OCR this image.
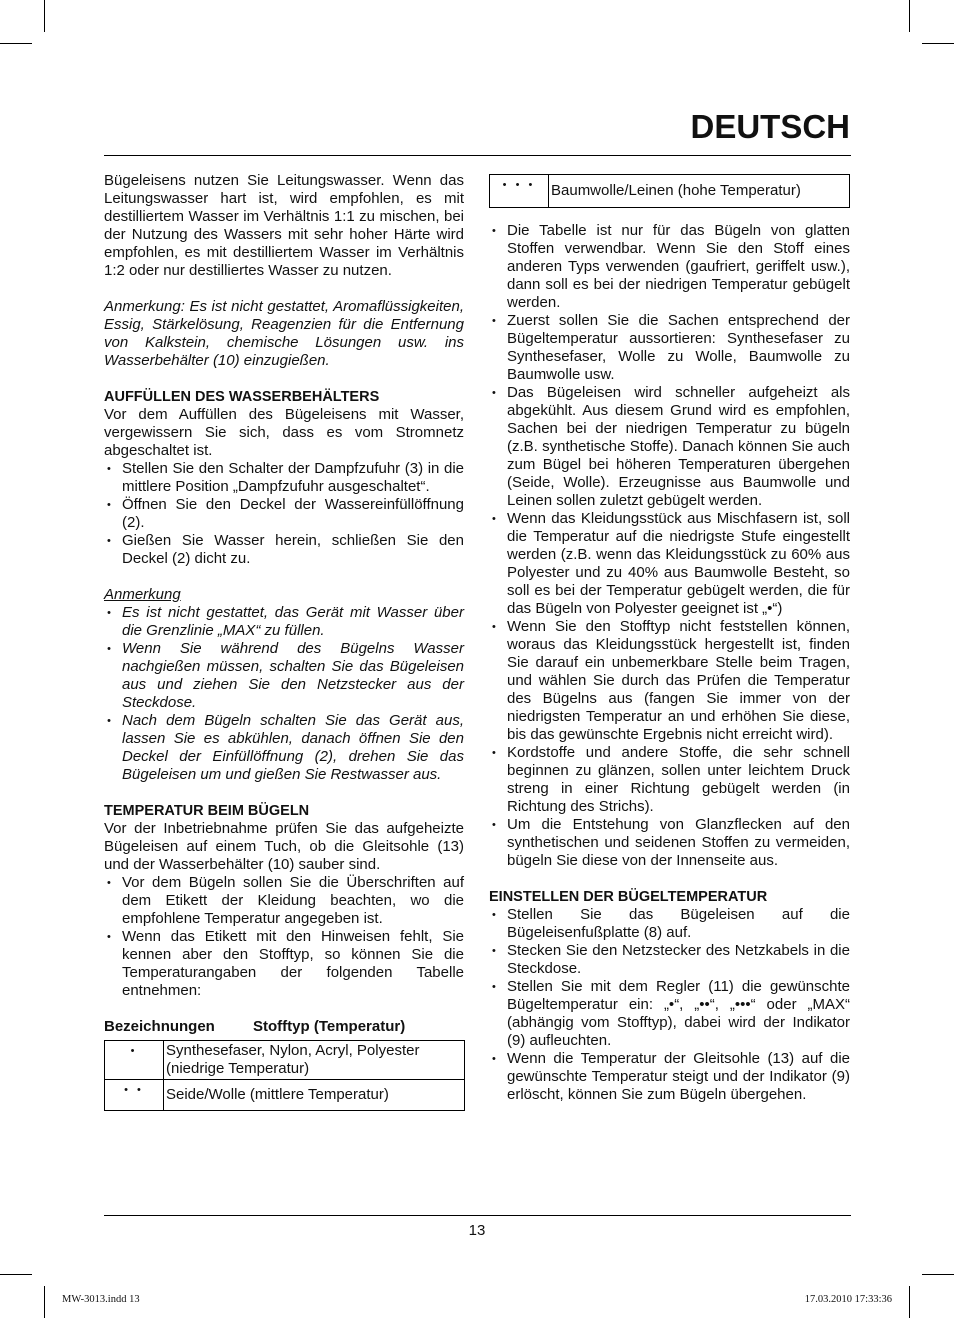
DEUTSCH

Bügeleisens nutzen Sie Leitungswasser. Wenn das Leitungswasser hart ist, wird empfohlen, es mit destilliertem Wasser im Verhältnis 1:1 zu mischen, bei der Nutzung des Wassers mit sehr hoher Härte wird empfohlen, es mit destilliertem Wasser im Verhältnis 1:2 oder nur destilliertes Wasser zu nutzen.

Anmerkung: Es ist nicht gestattet, Aromaflüssigkeiten, Essig, Stärkelösung, Reagenzien für die Entfernung von Kalkstein, chemische Lösungen usw. ins Wasserbehälter (10) einzugießen.

AUFFÜLLEN DES WASSERBEHÄLTERS

Vor dem Auffüllen des Bügeleisens mit Wasser, vergewissern Sie sich, dass es vom Stromnetz abgeschaltet ist.

• Stellen Sie den Schalter der Dampfzufuhr (3) in die mittlere Position „Dampfzufuhr ausgeschaltet“.
• Öffnen Sie den Deckel der Wassereinfüllöffnung (2).
• Gießen Sie Wasser herein, schließen Sie den Deckel (2) dicht zu.

Anmerkung

• Es ist nicht gestattet, das Gerät mit Wasser über die Grenzlinie „MAX“ zu füllen.
• Wenn Sie während des Bügelns Wasser nachgießen müssen, schalten Sie das Bügeleisen aus und ziehen Sie den Netzstecker aus der Steckdose.
• Nach dem Bügeln schalten Sie das Gerät aus, lassen Sie es abkühlen, danach öffnen Sie den Deckel der Einfüllöffnung (2), drehen Sie das Bügeleisen um und gießen Sie Restwasser aus.

TEMPERATUR BEIM BÜGELN

Vor der Inbetriebnahme prüfen Sie das aufgeheizte Bügeleisen auf einem Tuch, ob die Gleitsohle (13) und der Wasserbehälter (10) sauber sind.

• Vor dem Bügeln sollen Sie die Überschriften auf dem Etikett der Kleidung beachten, wo die empfohlene Temperatur angegeben ist.
• Wenn das Etikett mit den Hinweisen fehlt, Sie kennen aber den Stofftyp, so können Sie die Temperaturangaben der folgenden Tabelle entnehmen:
Bezeichnungen	Stofftyp (Temperatur)
•	Synthesefaser, Nylon, Acryl, Polyester (niedrige Temperatur)
• •	Seide/Wolle (mittlere Temperatur)
• • •	Baumwolle/Leinen (hohe Temperatur)
• Die Tabelle ist nur für das Bügeln von glatten Stoffen verwendbar. Wenn Sie den Stoff eines anderen Typs verwenden (gaufriert, geriffelt usw.), dann soll es bei der niedrigen Temperatur gebügelt werden.
• Zuerst sollen Sie die Sachen entsprechend der Bügeltemperatur aussortieren: Synthesefaser zu Synthesefaser, Wolle zu Wolle, Baumwolle zu Baumwolle usw.
• Das Bügeleisen wird schneller aufgeheizt als abgekühlt. Aus diesem Grund wird es empfohlen, Sachen bei der niedrigen Temperatur zu bügeln (z.B. synthetische Stoffe). Danach können Sie auch zum Bügel bei höheren Temperaturen übergehen (Seide, Wolle). Erzeugnisse aus Baumwolle und Leinen sollen zuletzt gebügelt werden.
• Wenn das Kleidungsstück aus Mischfasern ist, soll die Temperatur auf die niedrigste Stufe eingestellt werden (z.B. wenn das Kleidungsstück zu 60% aus Polyester und zu 40% aus Baumwolle Besteht, so soll es bei der Temperatur gebügelt werden, die für das Bügeln von Polyester geeignet ist „•“)
• Wenn Sie den Stofftyp nicht feststellen können, woraus das Kleidungsstück hergestellt ist, finden Sie darauf ein unbemerkbare Stelle beim Tragen, und wählen Sie durch das Prüfen die Temperatur des Bügelns aus (fangen Sie immer von der niedrigsten Temperatur an und erhöhen Sie diese, bis das gewünschte Ergebnis nicht erreicht wird).
• Kordstoffe und andere Stoffe, die sehr schnell beginnen zu glänzen, sollen unter leichtem Druck streng in einer Richtung gebügelt werden (in Richtung des Strichs).
• Um die Entstehung von Glanzflecken auf den synthetischen und seidenen Stoffen zu vermeiden, bügeln Sie diese von der Innenseite aus.

EINSTELLEN DER BÜGELTEMPERATUR

• Stellen Sie das Bügeleisen auf die Bügeleisenfußplatte (8) auf.
• Stecken Sie den Netzstecker des Netzkabels in die Steckdose.
• Stellen Sie mit dem Regler (11) die gewünschte Bügeltemperatur ein: „•“, „••“, „•••“ oder „MAX“ (abhängig vom Stofftyp), dabei wird der Indikator (9) aufleuchten.
• Wenn die Temperatur der Gleitsohle (13) auf die gewünschte Temperatur steigt und der Indikator (9) erlöscht, können Sie zum Bügeln übergehen.
13
MW-3013.indd 13	17.03.2010 17:33:36
